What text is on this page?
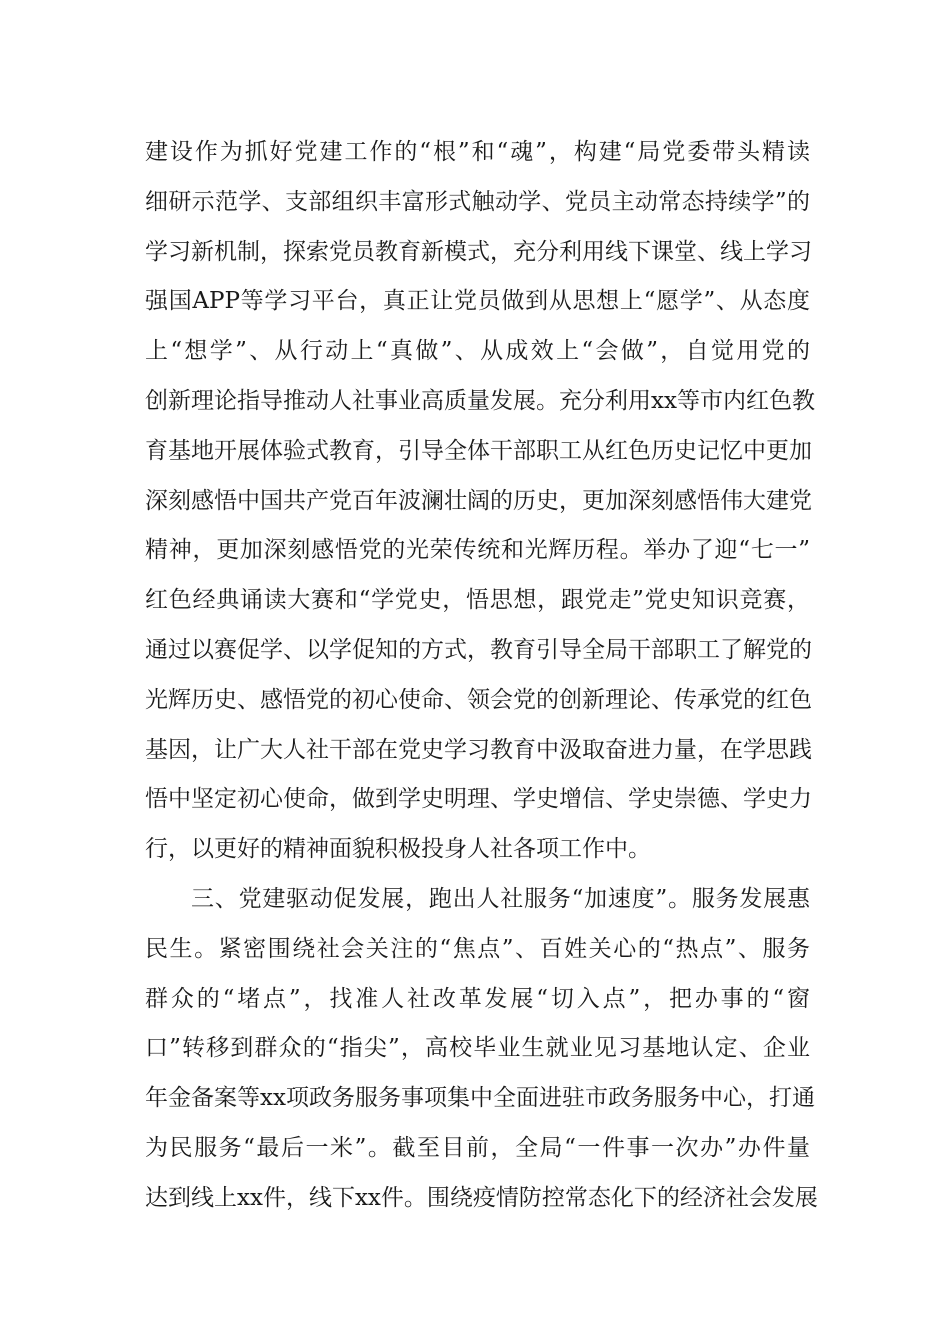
建设作为抓好党建工作的“根”和“魂”，构建“局党委带头精读
细研示范学、支部组织丰富形式触动学、党员主动常态持续学”的
学习新机制，探索党员教育新模式，充分利用线下课堂、线上学习
强国APP等学习平台，真正让党员做到从思想上“愿学”、从态度
上“想学”、从行动上“真做”、从成效上“会做”，自觉用党的
创新理论指导推动人社事业高质量发展。充分利用xx等市内红色教
育基地开展体验式教育，引导全体干部职工从红色历史记忆中更加
深刻感悟中国共产党百年波澜壮阔的历史，更加深刻感悟伟大建党
精神，更加深刻感悟党的光荣传统和光辉历程。举办了迎“七一”
红色经典诵读大赛和“学党史，悟思想，跟党走”党史知识竞赛，
通过以赛促学、以学促知的方式，教育引导全局干部职工了解党的
光辉历史、感悟党的初心使命、领会党的创新理论、传承党的红色
基因，让广大人社干部在党史学习教育中汲取奋进力量，在学思践
悟中坚定初心使命，做到学史明理、学史增信、学史崇德、学史力
行，以更好的精神面貌积极投身人社各项工作中。
三、党建驱动促发展，跑出人社服务“加速度”。服务发展惠
民生。紧密围绕社会关注的“焦点”、百姓关心的“热点”、服务
群众的“堵点”，找准人社改革发展“切入点”，把办事的“窗
口”转移到群众的“指尖”，高校毕业生就业见习基地认定、企业
年金备案等xx项政务服务事项集中全面进驻市政务服务中心，打通
为民服务“最后一米”。截至目前，全局“一件事一次办”办件量
达到线上xx件，线下xx件。围绕疫情防控常态化下的经济社会发展
